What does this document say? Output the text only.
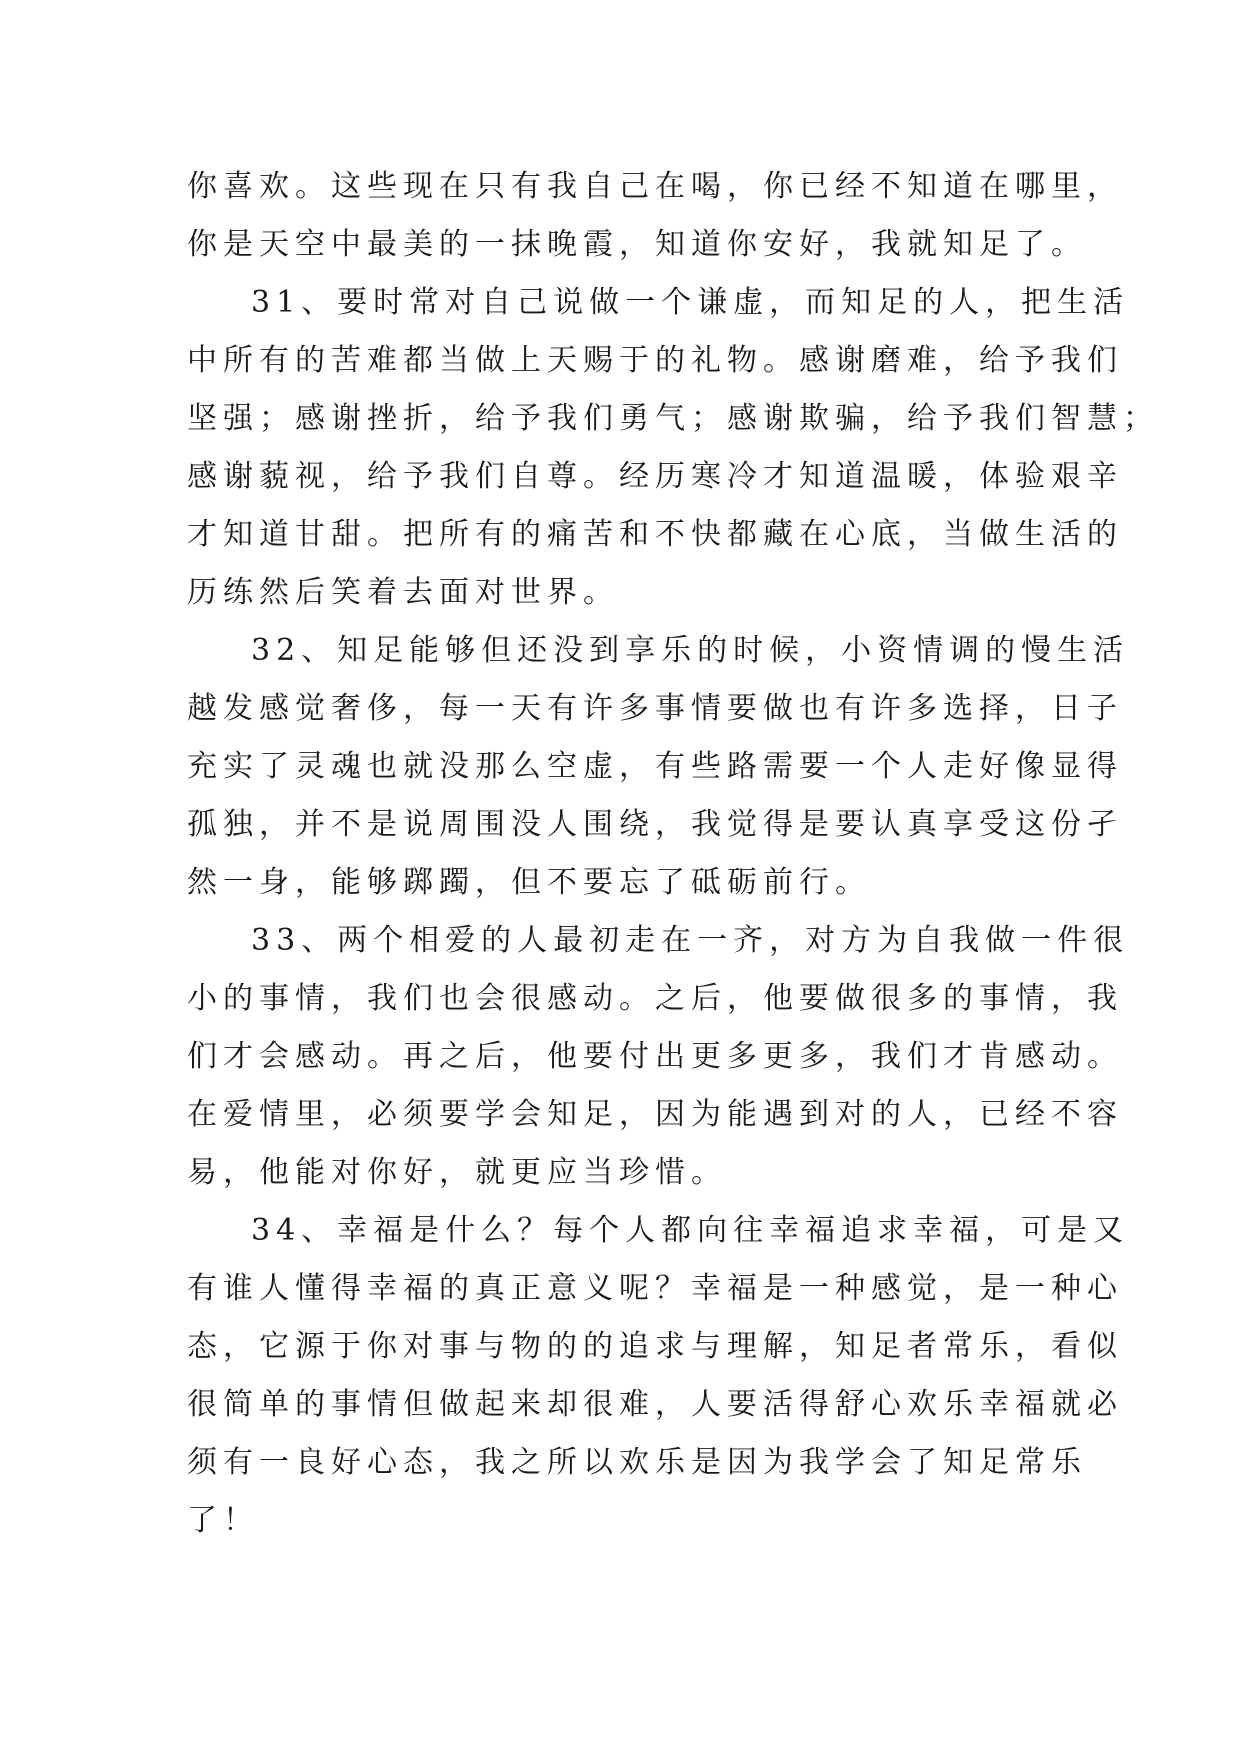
你喜欢。这些现在只有我自己在喝，你已经不知道在哪里，
你是天空中最美的一抹晚霞，知道你安好，我就知足了。
31、要时常对自己说做一个谦虚，而知足的人，把生活
中所有的苦难都当做上天赐于的礼物。感谢磨难，给予我们
坚强；感谢挫折，给予我们勇气；感谢欺骗，给予我们智慧；
感谢藐视，给予我们自尊。经历寒冷才知道温暖，体验艰辛
才知道甘甜。把所有的痛苦和不快都藏在心底，当做生活的
历练然后笑着去面对世界。
32、知足能够但还没到享乐的时候，小资情调的慢生活
越发感觉奢侈，每一天有许多事情要做也有许多选择，日子
充实了灵魂也就没那么空虚，有些路需要一个人走好像显得
孤独，并不是说周围没人围绕，我觉得是要认真享受这份孑
然一身，能够踯躅，但不要忘了砥砺前行。
33、两个相爱的人最初走在一齐，对方为自我做一件很
小的事情，我们也会很感动。之后，他要做很多的事情，我
们才会感动。再之后，他要付出更多更多，我们才肯感动。
在爱情里，必须要学会知足，因为能遇到对的人，已经不容
易，他能对你好，就更应当珍惜。
34、幸福是什么？每个人都向往幸福追求幸福，可是又
有谁人懂得幸福的真正意义呢？幸福是一种感觉，是一种心
态，它源于你对事与物的的追求与理解，知足者常乐，看似
很简单的事情但做起来却很难，人要活得舒心欢乐幸福就必
须有一良好心态，我之所以欢乐是因为我学会了知足常乐
了！
